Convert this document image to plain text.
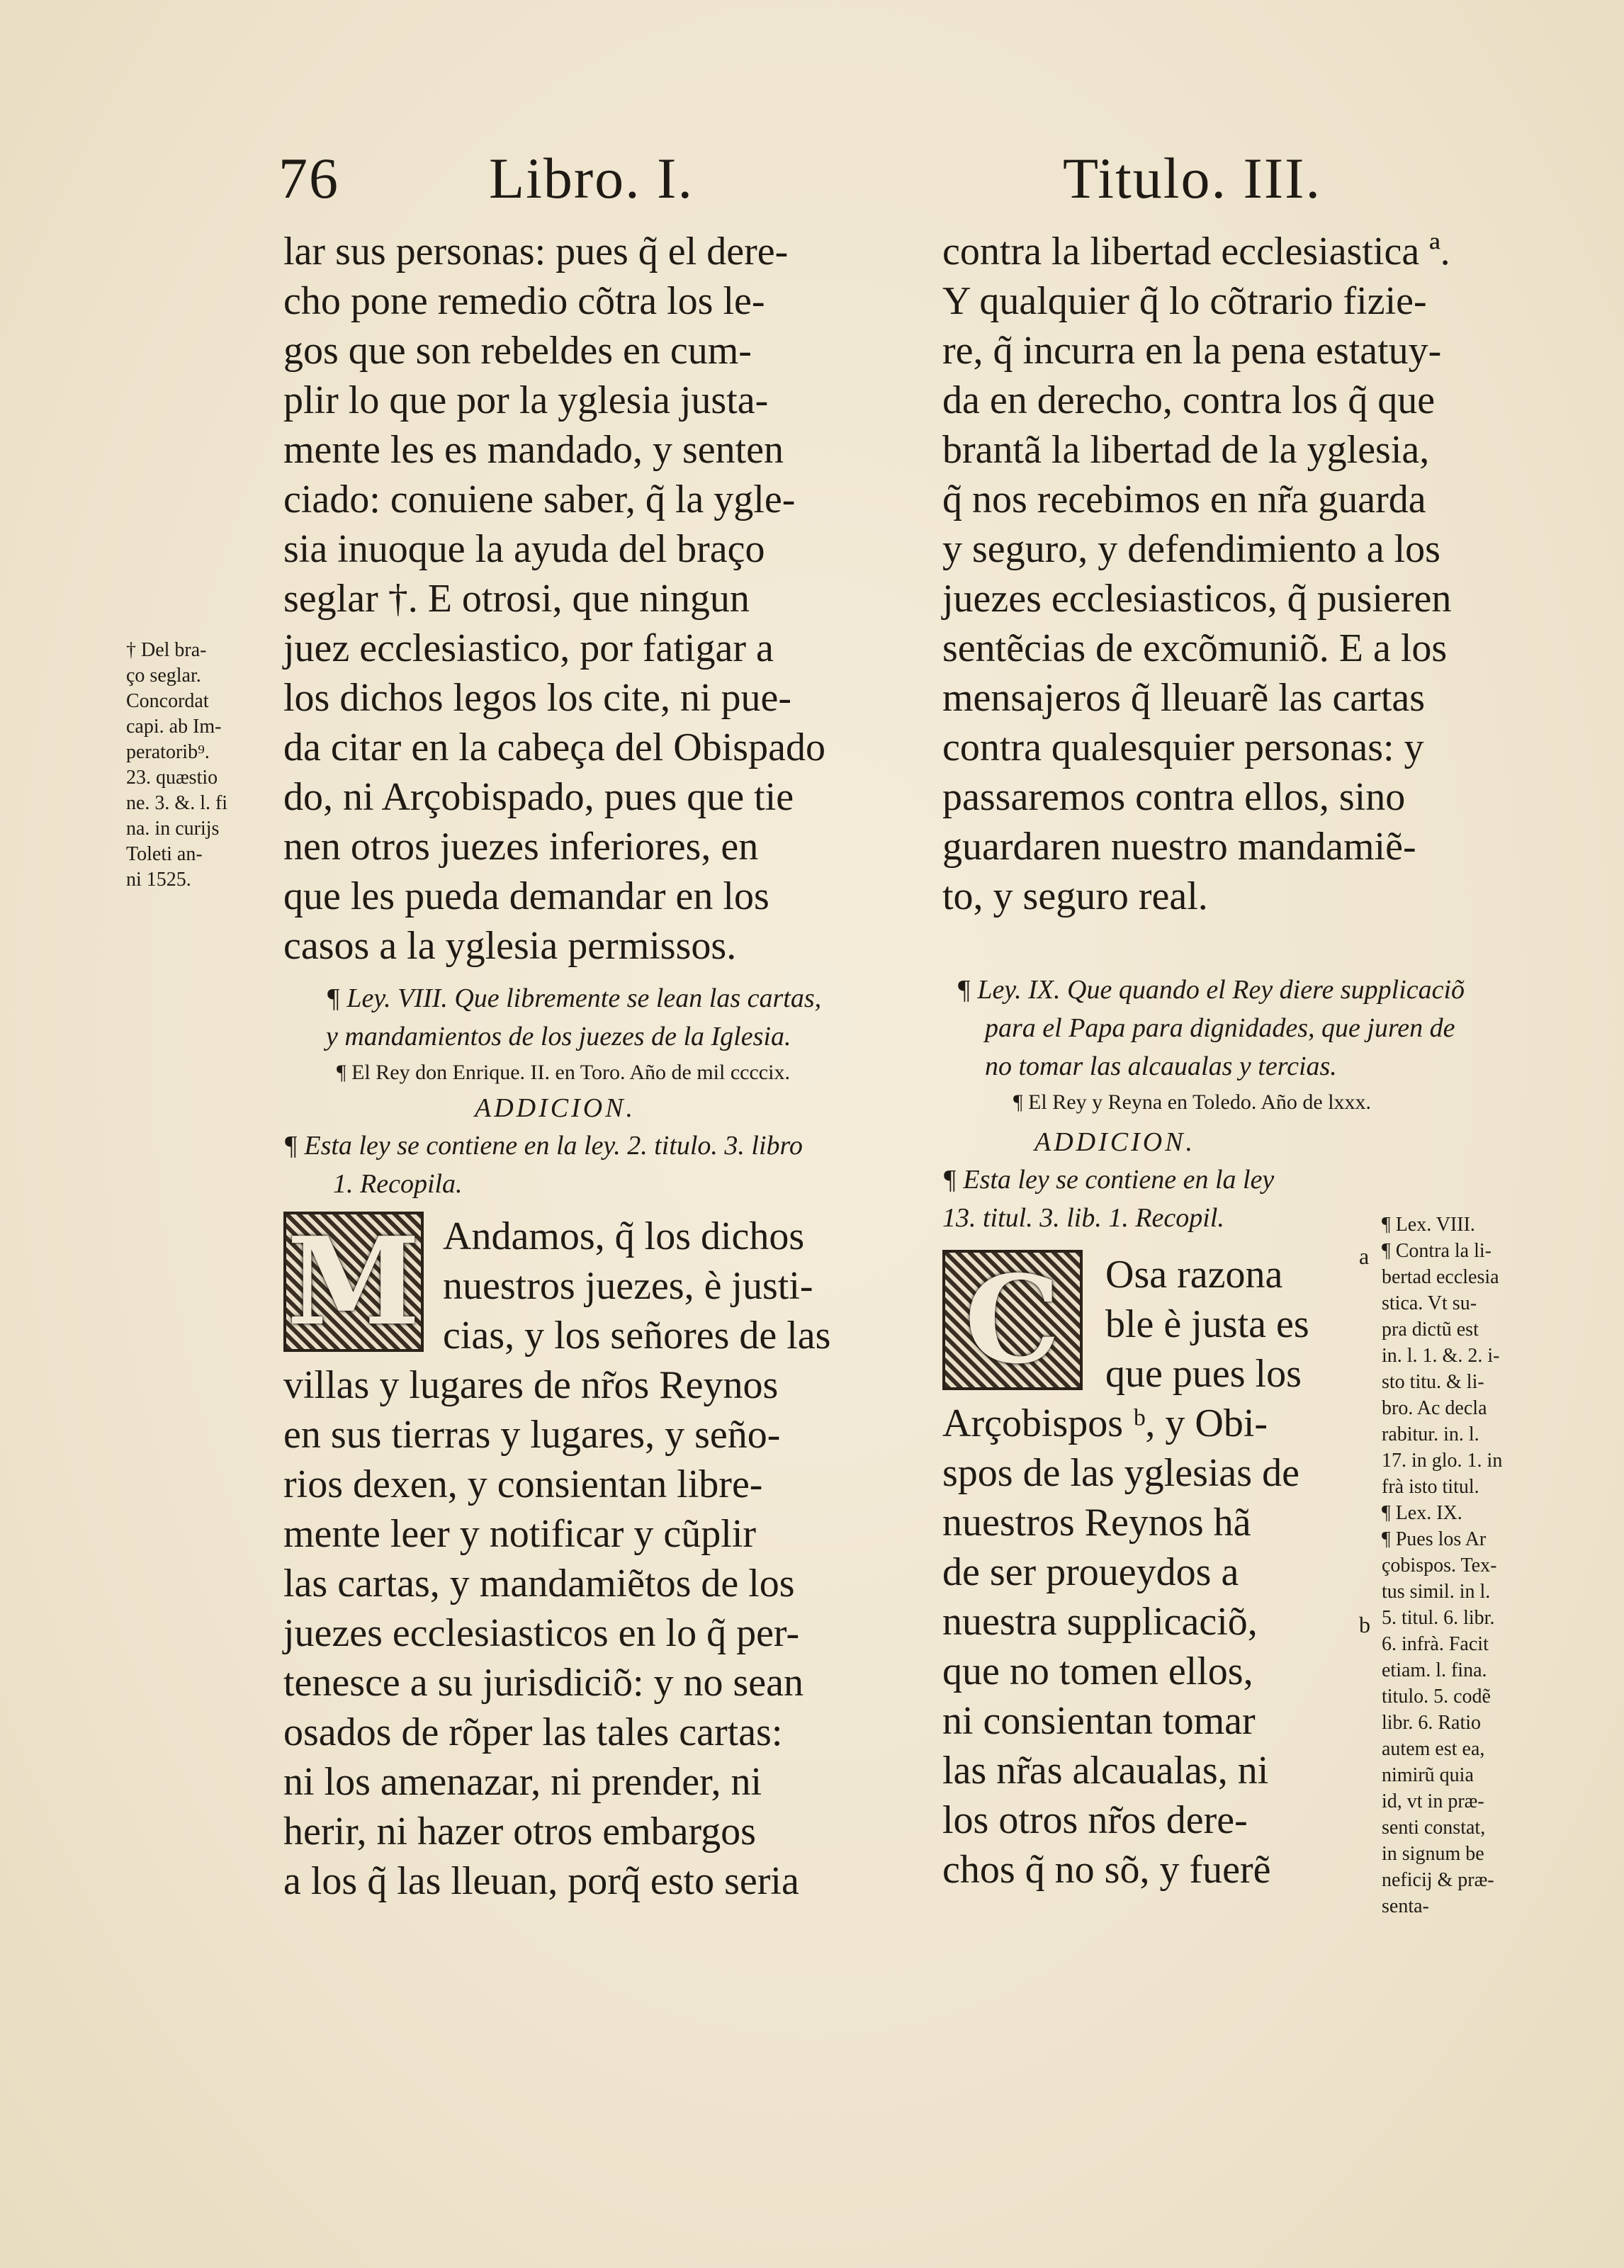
76	Libro. I.	Titulo. III.
lar sus personas: pues q̃ el dere-
cho pone remedio cõtra los le-
gos que son rebeldes en cum-
plir lo que por la yglesia justa-
mente les es mandado, y senten
ciado: conuiene saber, q̃ la ygle-
sia inuoque la ayuda del braço
seglar †. E otrosi, que ningun
juez ecclesiastico, por fatigar a
los dichos legos los cite, ni pue-
da citar en la cabeça del Obispado
do, ni Arçobispado, pues que tie
nen otros juezes inferiores, en
que les pueda demandar en los
casos a la yglesia permissos.
¶ Ley. VIII. Que libremente se lean las cartas,
y mandamientos de los juezes de la Iglesia.
¶ El Rey don Enrique. II. en Toro. Año de mil ccccix.
ADDICION.
¶ Esta ley se contiene en la ley. 2. titulo. 3. libro
1. Recopila.
M Andamos, q̃ los dichos
nuestros juezes, è justi-
cias, y los señores de las
villas y lugares de nr̃os Reynos
en sus tierras y lugares, y seño-
rios dexen, y consientan libre-
mente leer y notificar y cũplir
las cartas, y mandamiẽtos de los
juezes ecclesiasticos en lo q̃ per-
tenesce a su jurisdiciõ: y no sean
osados de rõper las tales cartas:
ni los amenazar, ni prender, ni
herir, ni hazer otros embargos
a los q̃ las lleuan, porq̃ esto seria
contra la libertad ecclesiastica ª.
Y qualquier q̃ lo cõtrario fizie-
re, q̃ incurra en la pena estatuy-
da en derecho, contra los q̃ que
brantã la libertad de la yglesia,
q̃ nos recebimos en nr̃a guarda
y seguro, y defendimiento a los
juezes ecclesiasticos, q̃ pusieren
sentẽcias de excõmuniõ. E a los
mensajeros q̃ lleuarẽ las cartas
contra qualesquier personas: y
passaremos contra ellos, sino
guardaren nuestro mandamiẽ-
to, y seguro real.
¶ Ley. IX. Que quando el Rey diere supplicaciõ
para el Papa para dignidades, que juren de
no tomar las alcaualas y tercias.
¶ El Rey y Reyna en Toledo. Año de lxxx.
ADDICION.
¶ Esta ley se contiene en la ley
13. titul. 3. lib. 1. Recopil.
C Osa razona
ble è justa es
que pues los
Arçobispos ᵇ, y Obi-
spos de las yglesias de
nuestros Reynos hã
de ser proueydos a
nuestra supplicaciõ,
que no tomen ellos,
ni consientan tomar
las nr̃as alcaualas, ni
los otros nr̃os dere-
chos q̃ no sõ, y fuerẽ
a
b
† Del bra-
ço seglar.
Concordat
capi. ab Im-
peratorib⁹.
23. quæstio
ne. 3. &. l. fi
na. in curijs
Toleti an-
ni 1525.
¶ Lex. VIII.
¶ Contra la li-
bertad ecclesia
stica. Vt su-
pra dictũ est
in. l. 1. &. 2. i-
sto titu. & li-
bro. Ac decla
rabitur. in. l.
17. in glo. 1. in
frà isto titul.
¶ Lex. IX.
¶ Pues los Ar
çobispos. Tex-
tus simil. in l.
5. titul. 6. libr.
6. infrà. Facit
etiam. l. fina.
titulo. 5. codẽ
libr. 6. Ratio
autem est ea,
nimirũ quia
id, vt in præ-
senti constat,
in signum be
neficij & præ-
senta-
